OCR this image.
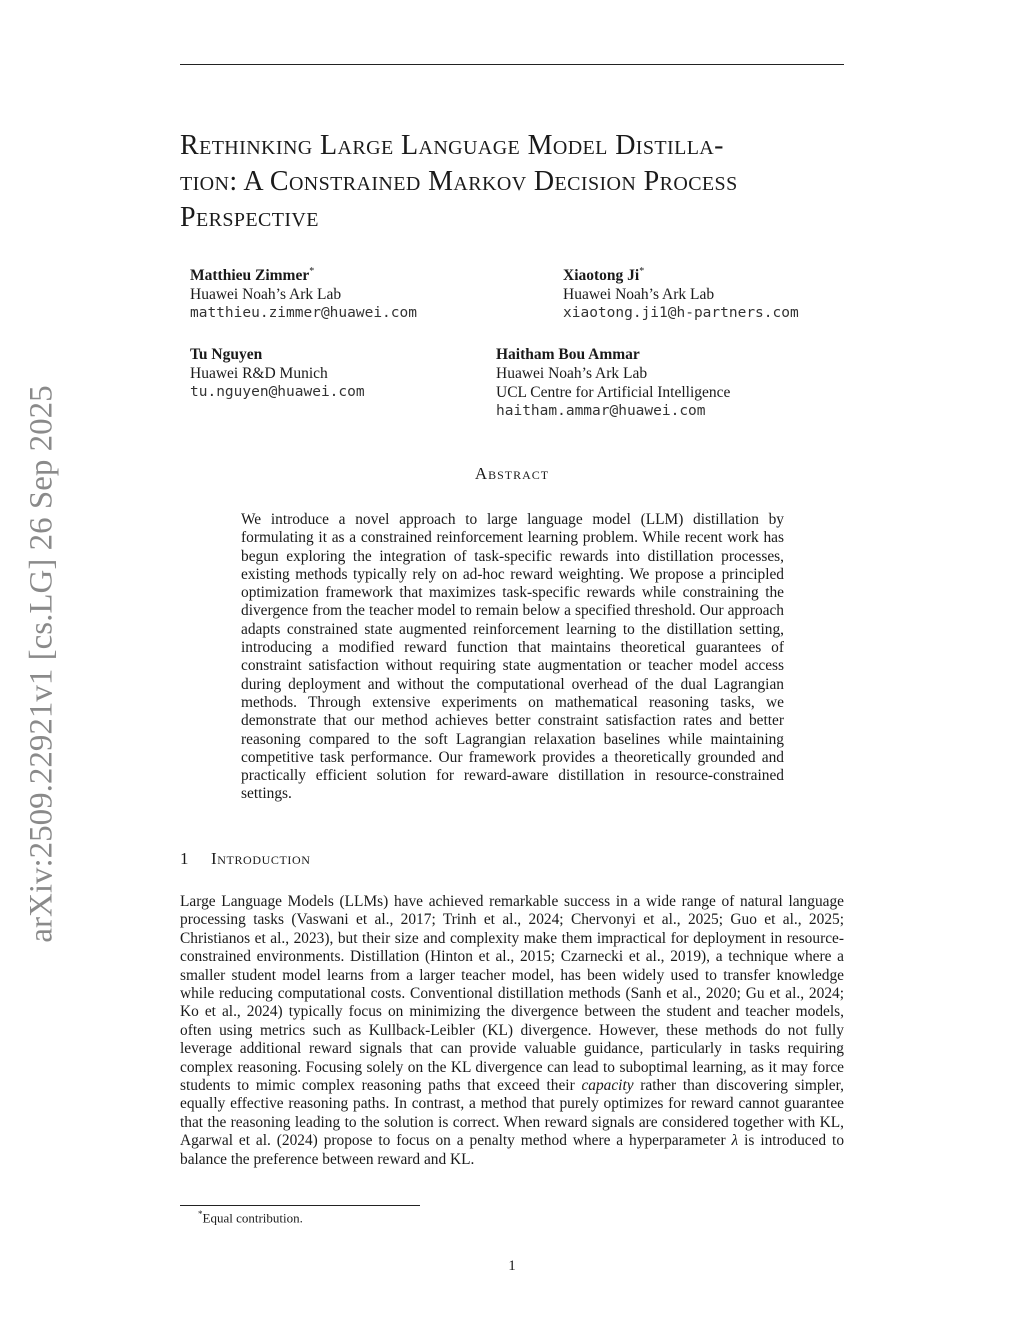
arXiv:2509.22921v1 [cs.LG] 26 Sep 2025
Rethinking Large Language Model Distilla-
tion: A Constrained Markov Decision Process
Perspective
Matthieu Zimmer*
Huawei Noah’s Ark Lab
matthieu.zimmer@huawei.com
Xiaotong Ji*
Huawei Noah’s Ark Lab
xiaotong.ji1@h-partners.com
Tu Nguyen
Huawei R&D Munich
tu.nguyen@huawei.com
Haitham Bou Ammar
Huawei Noah’s Ark Lab
UCL Centre for Artificial Intelligence
haitham.ammar@huawei.com
Abstract
We introduce a novel approach to large language model (LLM) distillation by formulating it as a constrained reinforcement learning problem. While recent work has begun exploring the integration of task-specific rewards into distillation processes, existing methods typically rely on ad-hoc reward weighting. We propose a principled optimization framework that maximizes task-specific rewards while constraining the divergence from the teacher model to remain below a specified threshold. Our approach adapts constrained state augmented reinforcement learning to the distillation setting, introducing a modified reward function that maintains theoretical guarantees of constraint satisfaction without requiring state augmentation or teacher model access during deployment and without the computational overhead of the dual Lagrangian methods. Through extensive experiments on mathematical reasoning tasks, we demonstrate that our method achieves better constraint satisfaction rates and better reasoning compared to the soft Lagrangian relaxation baselines while maintaining competitive task performance. Our framework provides a theoretically grounded and practically efficient solution for reward-aware distillation in resource-constrained settings.
1 Introduction
Large Language Models (LLMs) have achieved remarkable success in a wide range of natural language processing tasks (Vaswani et al., 2017; Trinh et al., 2024; Chervonyi et al., 2025; Guo et al., 2025; Christianos et al., 2023), but their size and complexity make them impractical for deployment in resource-constrained environments. Distillation (Hinton et al., 2015; Czarnecki et al., 2019), a technique where a smaller student model learns from a larger teacher model, has been widely used to transfer knowledge while reducing computational costs. Conventional distillation methods (Sanh et al., 2020; Gu et al., 2024; Ko et al., 2024) typically focus on minimizing the divergence between the student and teacher models, often using metrics such as Kullback-Leibler (KL) divergence. However, these methods do not fully leverage additional reward signals that can provide valuable guidance, particularly in tasks requiring complex reasoning. Focusing solely on the KL divergence can lead to suboptimal learning, as it may force students to mimic complex reasoning paths that exceed their capacity rather than discovering simpler, equally effective reasoning paths. In contrast, a method that purely optimizes for reward cannot guarantee that the reasoning leading to the solution is correct. When reward signals are considered together with KL, Agarwal et al. (2024) propose to focus on a penalty method where a hyperparameter λ is introduced to balance the preference between reward and KL.
*Equal contribution.
1
